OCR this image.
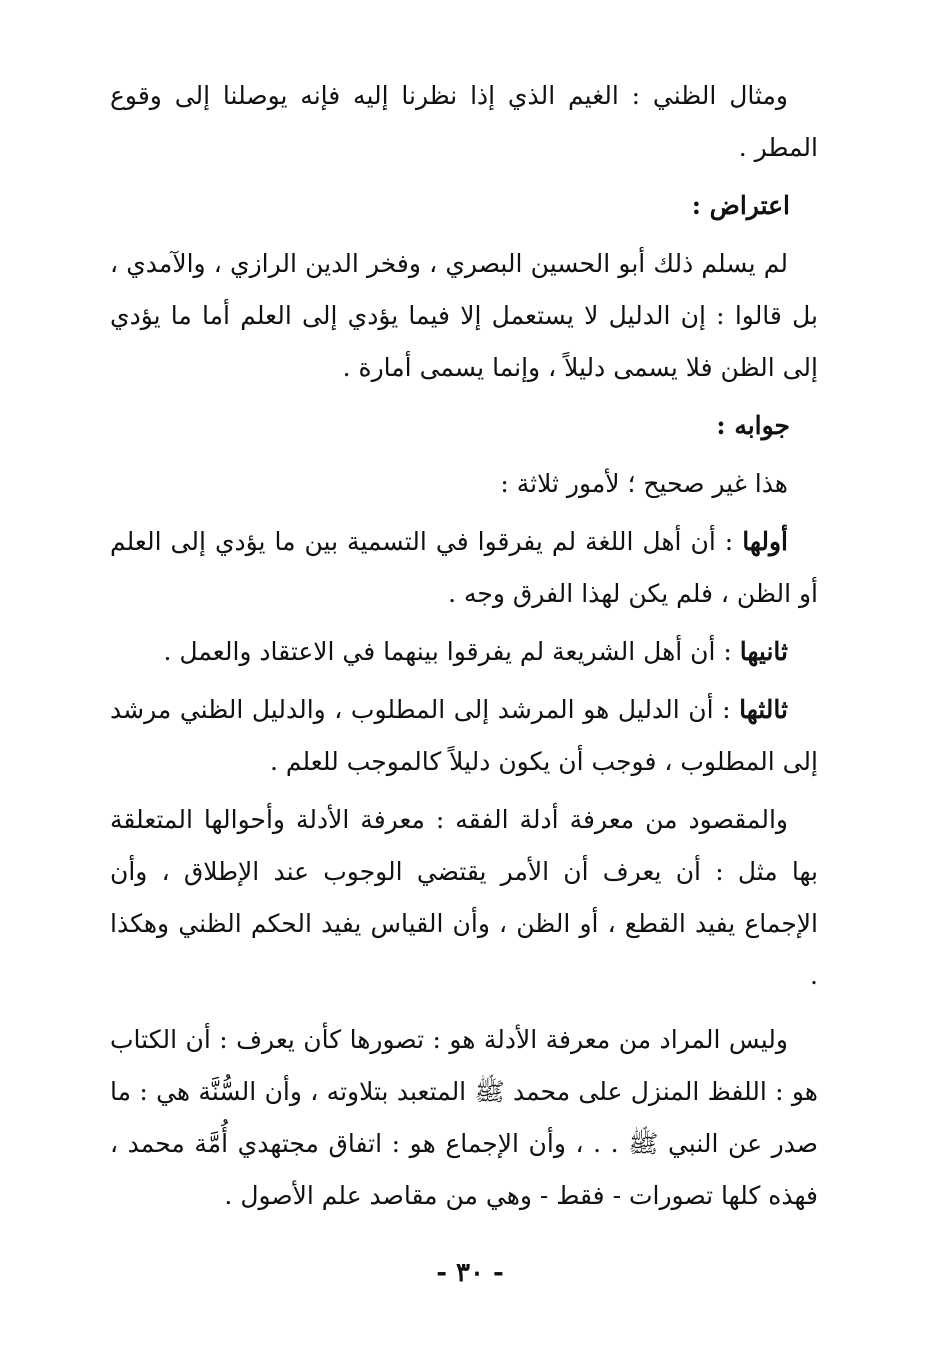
ومثال الظني : الغيم الذي إذا نظرنا إليه فإنه يوصلنا إلى وقوع المطر .

اعتراض :

لم يسلم ذلك أبو الحسين البصري ، وفخر الدين الرازي ، والآمدي ، بل قالوا : إن الدليل لا يستعمل إلا فيما يؤدي إلى العلم أما ما يؤدي إلى الظن فلا يسمى دليلاً ، وإنما يسمى أمارة .

جوابه :

هذا غير صحيح ؛ لأمور ثلاثة :

أولها : أن أهل اللغة لم يفرقوا في التسمية بين ما يؤدي إلى العلم أو الظن ، فلم يكن لهذا الفرق وجه .

ثانيها : أن أهل الشريعة لم يفرقوا بينهما في الاعتقاد والعمل .

ثالثها : أن الدليل هو المرشد إلى المطلوب ، والدليل الظني مرشد إلى المطلوب ، فوجب أن يكون دليلاً كالموجب للعلم .

والمقصود من معرفة أدلة الفقه : معرفة الأدلة وأحوالها المتعلقة بها مثل : أن يعرف أن الأمر يقتضي الوجوب عند الإطلاق ، وأن الإجماع يفيد القطع ، أو الظن ، وأن القياس يفيد الحكم الظني وهكذا .

وليس المراد من معرفة الأدلة هو : تصورها كأن يعرف : أن الكتاب هو : اللفظ المنزل على محمد ﷺ المتعبد بتلاوته ، وأن السُّنَّة هي : ما صدر عن النبي ﷺ . . ، وأن الإجماع هو : اتفاق مجتهدي أُمَّة محمد ، فهذه كلها تصورات - فقط - وهي من مقاصد علم الأصول .

- ٣٠ -
